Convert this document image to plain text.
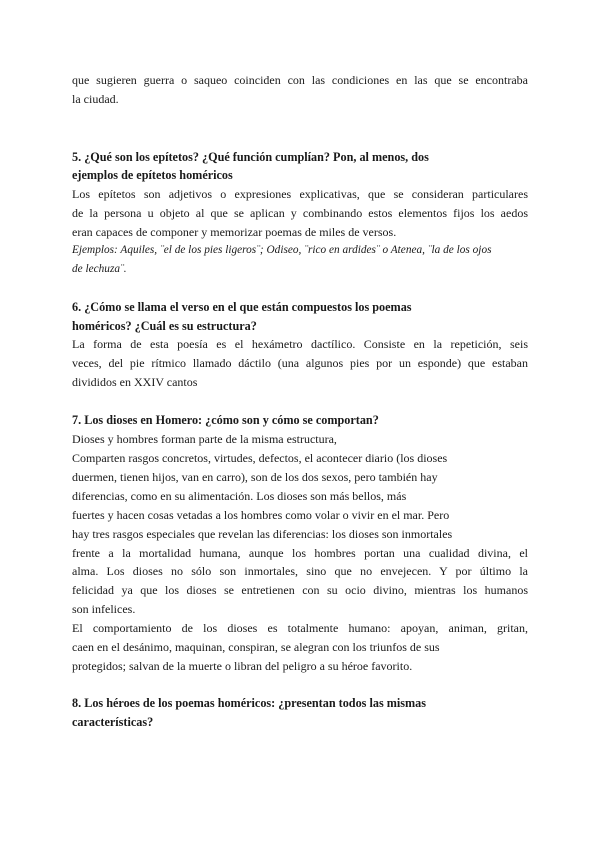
que sugieren guerra o saqueo coinciden con las condiciones en las que se encontraba
la ciudad.
5. ¿Qué son los epítetos? ¿Qué función cumplían? Pon, al menos, dos
ejemplos de epítetos homéricos
Los epítetos son adjetivos o expresiones explicativas, que se consideran particulares
de la persona u objeto al que se aplican y combinando estos elementos fijos los aedos
eran capaces de componer y memorizar poemas de miles de versos.
Ejemplos: Aquiles, ¨el de los pies ligeros¨; Odiseo, ¨rico en ardides¨ o Atenea, ¨la de los ojos
de lechuza¨.
6. ¿Cómo se llama el verso en el que están compuestos los poemas
homéricos? ¿Cuál es su estructura?
La forma de esta poesía es el hexámetro dactílico. Consiste en la repetición, seis
veces, del pie rítmico llamado dáctilo (una algunos pies por un esponde) que estaban
divididos en XXIV cantos
7. Los dioses en Homero: ¿cómo son y cómo se comportan?
Dioses y hombres forman parte de la misma estructura,
Comparten rasgos concretos, virtudes, defectos, el acontecer diario (los dioses
duermen, tienen hijos, van en carro), son de los dos sexos, pero también hay
diferencias, como en su alimentación. Los dioses son más bellos, más
fuertes y hacen cosas vetadas a los hombres como volar o vivir en el mar. Pero
hay tres rasgos especiales que revelan las diferencias: los dioses son inmortales
frente a la mortalidad humana, aunque los hombres portan una cualidad divina, el
alma. Los dioses no sólo son inmortales, sino que no envejecen. Y por último la
felicidad ya que los dioses se entretienen con su ocio divino, mientras los humanos
son infelices.
El comportamiento de los dioses es totalmente humano: apoyan, animan, gritan,
caen en el desánimo, maquinan, conspiran, se alegran con los triunfos de sus
protegidos; salvan de la muerte o libran del peligro a su héroe favorito.
8. Los héroes de los poemas homéricos: ¿presentan todos las mismas
características?
